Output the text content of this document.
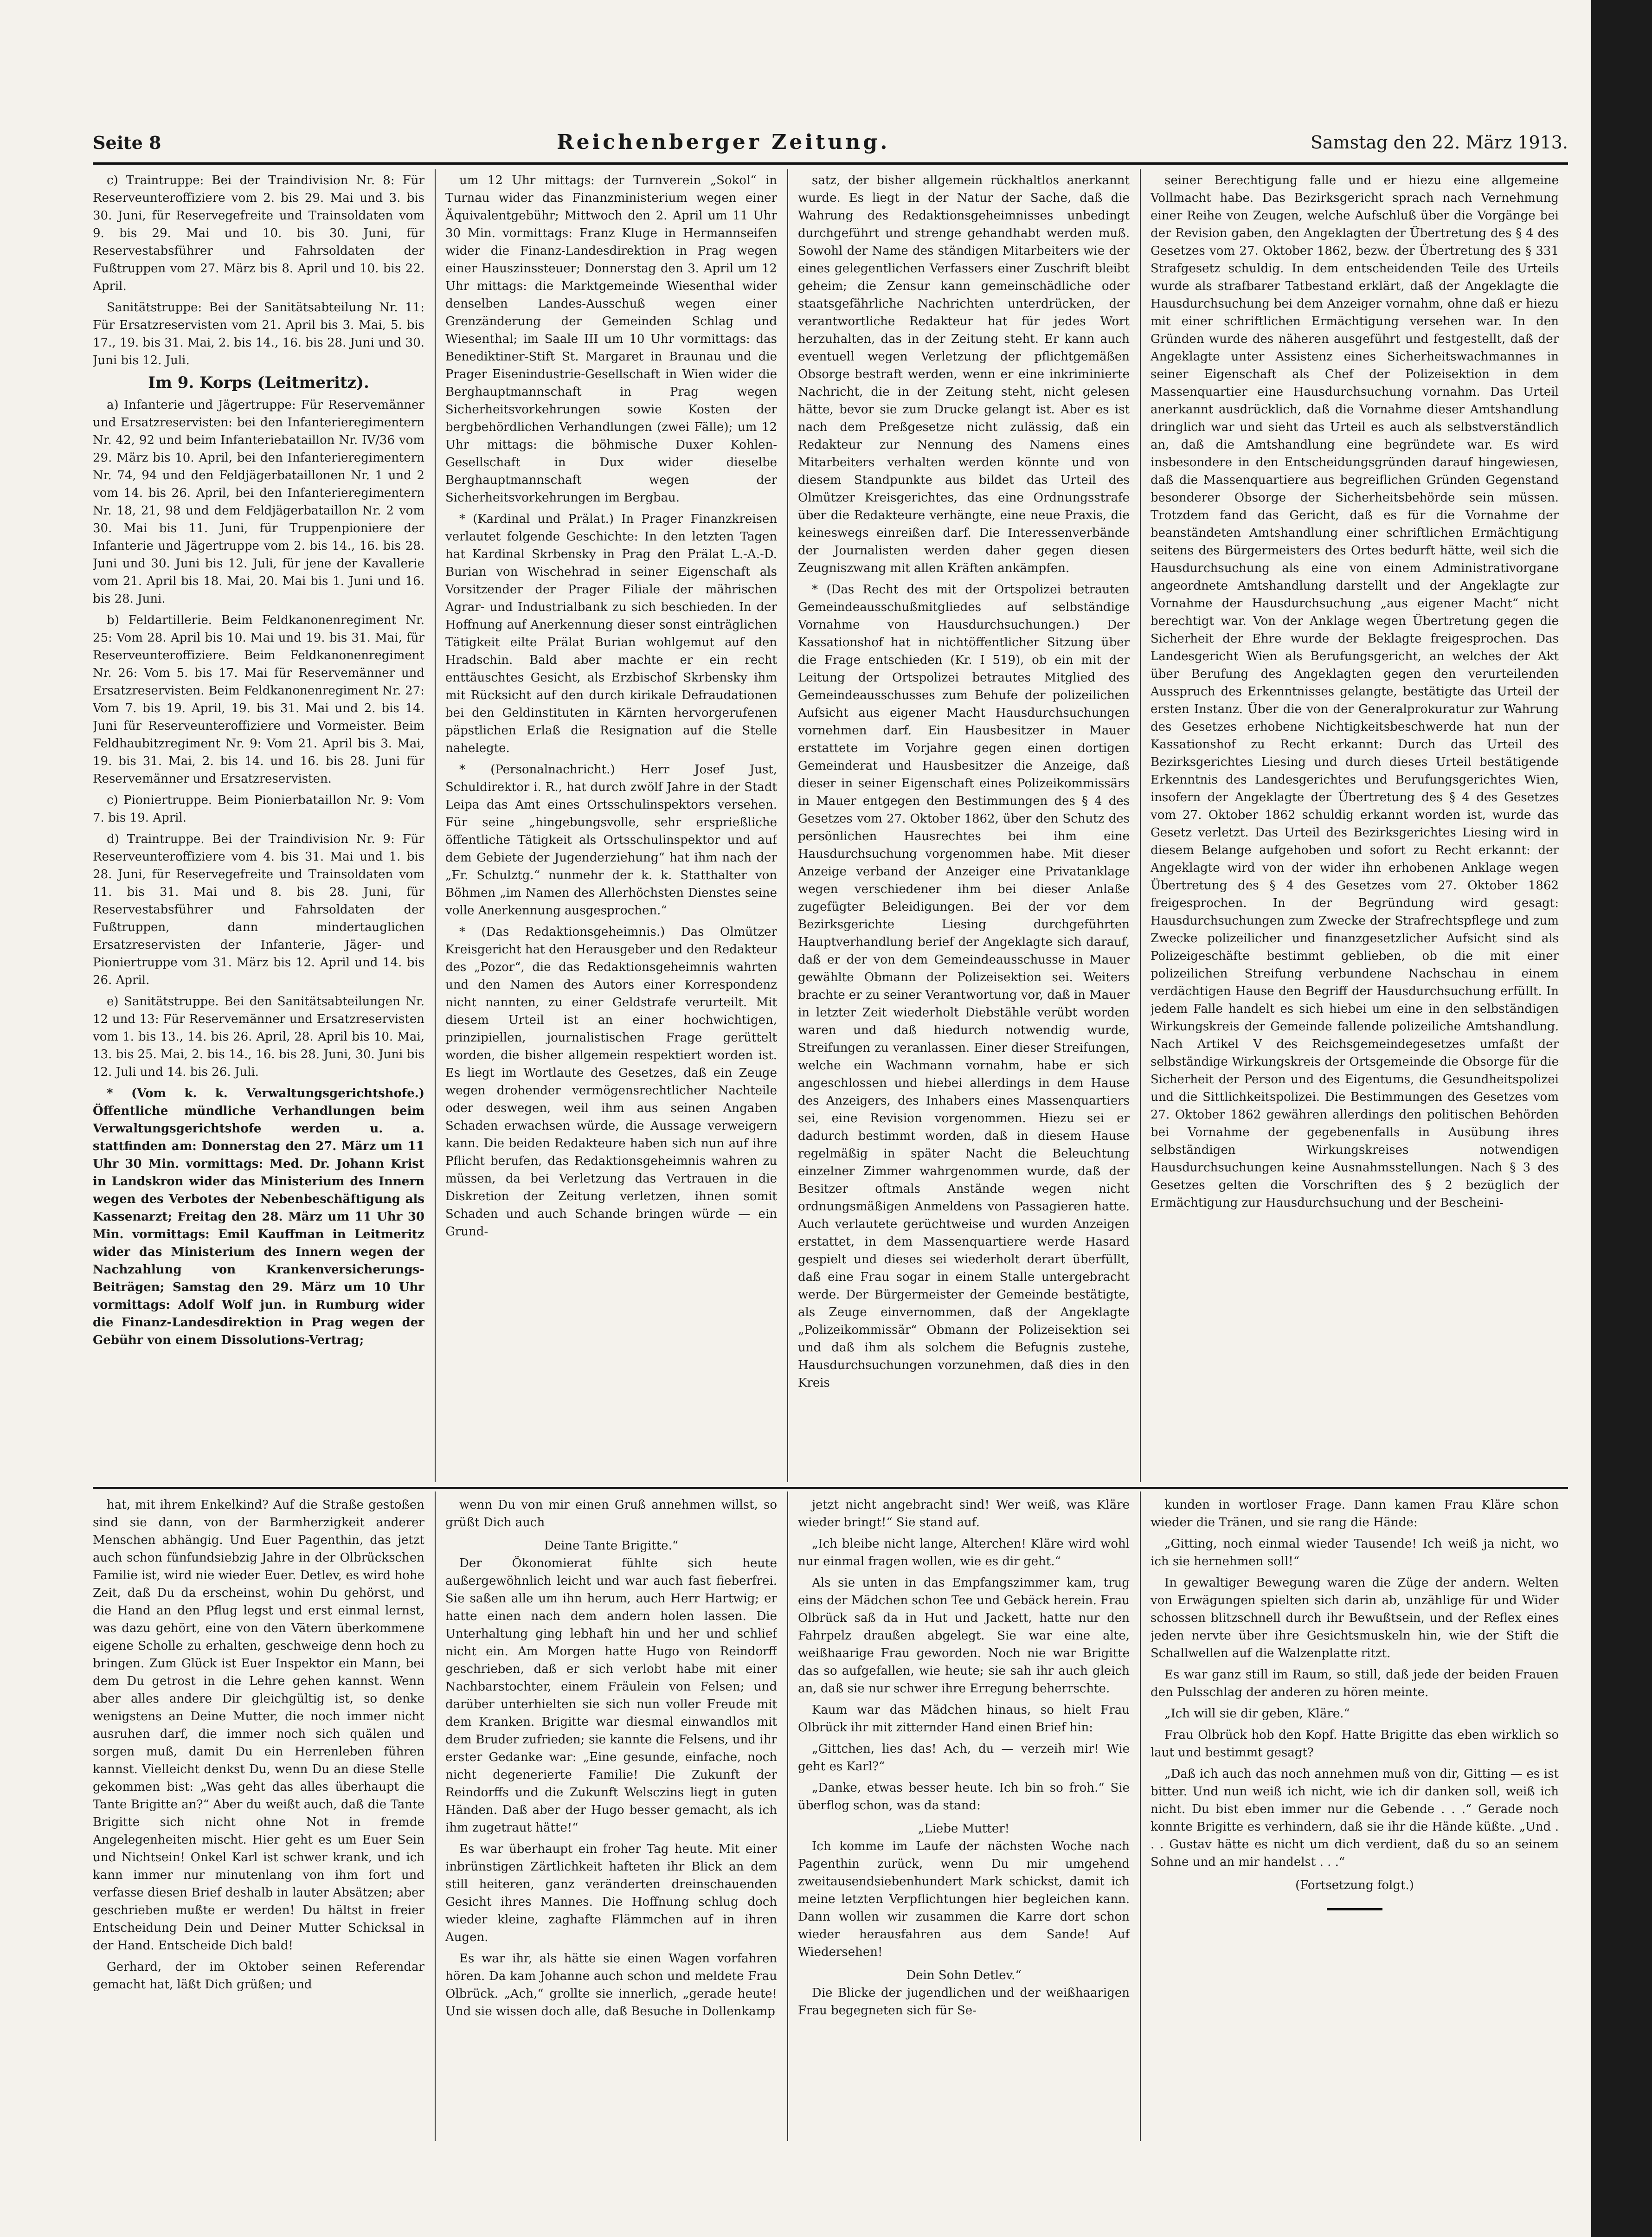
Seite 8	Reichenberger Zeitung.	Samstag den 22. März 1913.

c) Traintruppe: Bei der Traindivision Nr. 8: Für Reserveunteroffiziere vom 2. bis 29. Mai und 3. bis 30. Juni, für Reservegefreite und Trainsoldaten vom 9. bis 29. Mai und 10. bis 30. Juni, für Reservestabsführer und Fahrsoldaten der Fußtruppen vom 27. März bis 8. April und 10. bis 22. April.

Sanitätstruppe: Bei der Sanitätsabteilung Nr. 11: Für Ersatzreservisten vom 21. April bis 3. Mai, 5. bis 17., 19. bis 31. Mai, 2. bis 14., 16. bis 28. Juni und 30. Juni bis 12. Juli.

Im 9. Korps (Leitmeritz).

a) Infanterie und Jägertruppe: Für Reservemänner und Ersatzreservisten: bei den Infanterieregimentern Nr. 42, 92 und beim Infanteriebataillon Nr. IV/36 vom 29. März bis 10. April, bei den Infanterieregimentern Nr. 74, 94 und den Feldjägerbataillonen Nr. 1 und 2 vom 14. bis 26. April, bei den Infanterieregimentern Nr. 18, 21, 98 und dem Feldjägerbataillon Nr. 2 vom 30. Mai bis 11. Juni, für Truppenpioniere der Infanterie und Jägertruppe vom 2. bis 14., 16. bis 28. Juni und 30. Juni bis 12. Juli, für jene der Kavallerie vom 21. April bis 18. Mai, 20. Mai bis 1. Juni und 16. bis 28. Juni.

b) Feldartillerie. Beim Feldkanonenregiment Nr. 25: Vom 28. April bis 10. Mai und 19. bis 31. Mai, für Reserveunteroffiziere. Beim Feldkanonenregiment Nr. 26: Vom 5. bis 17. Mai für Reservemänner und Ersatzreservisten. Beim Feldkanonenregiment Nr. 27: Vom 7. bis 19. April, 19. bis 31. Mai und 2. bis 14. Juni für Reserveunteroffiziere und Vormeister. Beim Feldhaubitzregiment Nr. 9: Vom 21. April bis 3. Mai, 19. bis 31. Mai, 2. bis 14. und 16. bis 28. Juni für Reservemänner und Ersatzreservisten.

c) Pioniertruppe. Beim Pionierbataillon Nr. 9: Vom 7. bis 19. April.

d) Traintruppe. Bei der Traindivision Nr. 9: Für Reserveunteroffiziere vom 4. bis 31. Mai und 1. bis 28. Juni, für Reservegefreite und Trainsoldaten vom 11. bis 31. Mai und 8. bis 28. Juni, für Reservestabsführer und Fahrsoldaten der Fußtruppen, dann mindertauglichen Ersatzreservisten der Infanterie, Jäger- und Pioniertruppe vom 31. März bis 12. April und 14. bis 26. April.

e) Sanitätstruppe. Bei den Sanitätsabteilungen Nr. 12 und 13: Für Reservemänner und Ersatzreservisten vom 1. bis 13., 14. bis 26. April, 28. April bis 10. Mai, 13. bis 25. Mai, 2. bis 14., 16. bis 28. Juni, 30. Juni bis 12. Juli und 14. bis 26. Juli.

* (Vom k. k. Verwaltungsgerichtshofe.) Öffentliche mündliche Verhandlungen beim Verwaltungsgerichtshofe werden u. a. stattfinden am: Donnerstag den 27. März um 11 Uhr 30 Min. vormittags: Med. Dr. Johann Krist in Landskron wider das Ministerium des Innern wegen des Verbotes der Nebenbeschäftigung als Kassenarzt; Freitag den 28. März um 11 Uhr 30 Min. vormittags: Emil Kauffman in Leitmeritz wider das Ministerium des Innern wegen der Nachzahlung von Krankenversicherungs-Beiträgen; Samstag den 29. März um 10 Uhr vormittags: Adolf Wolf jun. in Rumburg wider die Finanz-Landesdirektion in Prag wegen der Gebühr von einem Dissolutions-Vertrag;

um 12 Uhr mittags: der Turnverein „Sokol“ in Turnau wider das Finanzministerium wegen einer Äquivalentgebühr; Mittwoch den 2. April um 11 Uhr 30 Min. vormittags: Franz Kluge in Hermannseifen wider die Finanz-Landesdirektion in Prag wegen einer Hauszinssteuer; Donnerstag den 3. April um 12 Uhr mittags: die Marktgemeinde Wiesenthal wider denselben Landes-Ausschuß wegen einer Grenzänderung der Gemeinden Schlag und Wiesenthal; im Saale III um 10 Uhr vormittags: das Benediktiner-Stift St. Margaret in Braunau und die Prager Eisenindustrie-Gesellschaft in Wien wider die Berghauptmannschaft in Prag wegen Sicherheitsvorkehrungen sowie Kosten der bergbehördlichen Verhandlungen (zwei Fälle); um 12 Uhr mittags: die böhmische Duxer Kohlen-Gesellschaft in Dux wider dieselbe Berghauptmannschaft wegen der Sicherheitsvorkehrungen im Bergbau.

* (Kardinal und Prälat.) In Prager Finanzkreisen verlautet folgende Geschichte: In den letzten Tagen hat Kardinal Skrbensky in Prag den Prälat L.-A.-D. Burian von Wischehrad in seiner Eigenschaft als Vorsitzender der Prager Filiale der mährischen Agrar- und Industrialbank zu sich beschieden. In der Hoffnung auf Anerkennung dieser sonst einträglichen Tätigkeit eilte Prälat Burian wohlgemut auf den Hradschin. Bald aber machte er ein recht enttäuschtes Gesicht, als Erzbischof Skrbensky ihm mit Rücksicht auf den durch kirikale Defraudationen bei den Geldinstituten in Kärnten hervorgerufenen päpstlichen Erlaß die Resignation auf die Stelle nahelegte.

* (Personalnachricht.) Herr Josef Just, Schuldirektor i. R., hat durch zwölf Jahre in der Stadt Leipa das Amt eines Ortsschulinspektors versehen. Für seine „hingebungsvolle, sehr ersprießliche öffentliche Tätigkeit als Ortsschulinspektor und auf dem Gebiete der Jugenderziehung“ hat ihm nach der „Fr. Schulztg.“ nunmehr der k. k. Statthalter von Böhmen „im Namen des Allerhöchsten Dienstes seine volle Anerkennung ausgesprochen.“

* (Das Redaktionsgeheimnis.) Das Olmützer Kreisgericht hat den Herausgeber und den Redakteur des „Pozor“, die das Redaktionsgeheimnis wahrten und den Namen des Autors einer Korrespondenz nicht nannten, zu einer Geldstrafe verurteilt. Mit diesem Urteil ist an einer hochwichtigen, prinzipiellen, journalistischen Frage gerüttelt worden, die bisher allgemein respektiert worden ist. Es liegt im Wortlaute des Gesetzes, daß ein Zeuge wegen drohender vermögensrechtlicher Nachteile oder deswegen, weil ihm aus seinen Angaben Schaden erwachsen würde, die Aussage verweigern kann. Die beiden Redakteure haben sich nun auf ihre Pflicht berufen, das Redaktionsgeheimnis wahren zu müssen, da bei Verletzung das Vertrauen in die Diskretion der Zeitung verletzen, ihnen somit Schaden und auch Schande bringen würde — ein Grund-

satz, der bisher allgemein rückhaltlos anerkannt wurde. Es liegt in der Natur der Sache, daß die Wahrung des Redaktionsgeheimnisses unbedingt durchgeführt und strenge gehandhabt werden muß. Sowohl der Name des ständigen Mitarbeiters wie der eines gelegentlichen Verfassers einer Zuschrift bleibt geheim; die Zensur kann gemeinschädliche oder staatsgefährliche Nachrichten unterdrücken, der verantwortliche Redakteur hat für jedes Wort herzuhalten, das in der Zeitung steht. Er kann auch eventuell wegen Verletzung der pflichtgemäßen Obsorge bestraft werden, wenn er eine inkriminierte Nachricht, die in der Zeitung steht, nicht gelesen hätte, bevor sie zum Drucke gelangt ist. Aber es ist nach dem Preßgesetze nicht zulässig, daß ein Redakteur zur Nennung des Namens eines Mitarbeiters verhalten werden könnte und von diesem Standpunkte aus bildet das Urteil des Olmützer Kreisgerichtes, das eine Ordnungsstrafe über die Redakteure verhängte, eine neue Praxis, die keineswegs einreißen darf. Die Interessenverbände der Journalisten werden daher gegen diesen Zeugniszwang mit allen Kräften ankämpfen.

* (Das Recht des mit der Ortspolizei betrauten Gemeindeausschußmitgliedes auf selbständige Vornahme von Hausdurchsuchungen.) Der Kassationshof hat in nichtöffentlicher Sitzung über die Frage entschieden (Kr. I 519), ob ein mit der Leitung der Ortspolizei betrautes Mitglied des Gemeindeausschusses zum Behufe der polizeilichen Aufsicht aus eigener Macht Hausdurchsuchungen vornehmen darf. Ein Hausbesitzer in Mauer erstattete im Vorjahre gegen einen dortigen Gemeinderat und Hausbesitzer die Anzeige, daß dieser in seiner Eigenschaft eines Polizeikommissärs in Mauer entgegen den Bestimmungen des § 4 des Gesetzes vom 27. Oktober 1862, über den Schutz des persönlichen Hausrechtes bei ihm eine Hausdurchsuchung vorgenommen habe. Mit dieser Anzeige verband der Anzeiger eine Privatanklage wegen verschiedener ihm bei dieser Anlaße zugefügter Beleidigungen. Bei der vor dem Bezirksgerichte Liesing durchgeführten Hauptverhandlung berief der Angeklagte sich darauf, daß er der von dem Gemeindeausschusse in Mauer gewählte Obmann der Polizeisektion sei. Weiters brachte er zu seiner Verantwortung vor, daß in Mauer in letzter Zeit wiederholt Diebstähle verübt worden waren und daß hiedurch notwendig wurde, Streifungen zu veranlassen. Einer dieser Streifungen, welche ein Wachmann vornahm, habe er sich angeschlossen und hiebei allerdings in dem Hause des Anzeigers, des Inhabers eines Massenquartiers sei, eine Revision vorgenommen. Hiezu sei er dadurch bestimmt worden, daß in diesem Hause regelmäßig in später Nacht die Beleuchtung einzelner Zimmer wahrgenommen wurde, daß der Besitzer oftmals Anstände wegen nicht ordnungsmäßigen Anmeldens von Passagieren hatte. Auch verlautete gerüchtweise und wurden Anzeigen erstattet, in dem Massenquartiere werde Hasard gespielt und dieses sei wiederholt derart überfüllt, daß eine Frau sogar in einem Stalle untergebracht werde. Der Bürgermeister der Gemeinde bestätigte, als Zeuge einvernommen, daß der Angeklagte „Polizeikommissär“ Obmann der Polizeisektion sei und daß ihm als solchem die Befugnis zustehe, Hausdurchsuchungen vorzunehmen, daß dies in den Kreis

seiner Berechtigung falle und er hiezu eine allgemeine Vollmacht habe. Das Bezirksgericht sprach nach Vernehmung einer Reihe von Zeugen, welche Aufschluß über die Vorgänge bei der Revision gaben, den Angeklagten der Übertretung des § 4 des Gesetzes vom 27. Oktober 1862, bezw. der Übertretung des § 331 Strafgesetz schuldig. In dem entscheidenden Teile des Urteils wurde als strafbarer Tatbestand erklärt, daß der Angeklagte die Hausdurchsuchung bei dem Anzeiger vornahm, ohne daß er hiezu mit einer schriftlichen Ermächtigung versehen war. In den Gründen wurde des näheren ausgeführt und festgestellt, daß der Angeklagte unter Assistenz eines Sicherheitswachmannes in seiner Eigenschaft als Chef der Polizeisektion in dem Massenquartier eine Hausdurchsuchung vornahm. Das Urteil anerkannt ausdrücklich, daß die Vornahme dieser Amtshandlung dringlich war und sieht das Urteil es auch als selbstverständlich an, daß die Amtshandlung eine begründete war. Es wird insbesondere in den Entscheidungsgründen darauf hingewiesen, daß die Massenquartiere aus begreiflichen Gründen Gegenstand besonderer Obsorge der Sicherheitsbehörde sein müssen. Trotzdem fand das Gericht, daß es für die Vornahme der beanständeten Amtshandlung einer schriftlichen Ermächtigung seitens des Bürgermeisters des Ortes bedurft hätte, weil sich die Hausdurchsuchung als eine von einem Administrativorgane angeordnete Amtshandlung darstellt und der Angeklagte zur Vornahme der Hausdurchsuchung „aus eigener Macht“ nicht berechtigt war. Von der Anklage wegen Übertretung gegen die Sicherheit der Ehre wurde der Beklagte freigesprochen. Das Landesgericht Wien als Berufungsgericht, an welches der Akt über Berufung des Angeklagten gegen den verurteilenden Ausspruch des Erkenntnisses gelangte, bestätigte das Urteil der ersten Instanz. Über die von der Generalprokuratur zur Wahrung des Gesetzes erhobene Nichtigkeitsbeschwerde hat nun der Kassationshof zu Recht erkannt: Durch das Urteil des Bezirksgerichtes Liesing und durch dieses Urteil bestätigende Erkenntnis des Landesgerichtes und Berufungsgerichtes Wien, insofern der Angeklagte der Übertretung des § 4 des Gesetzes vom 27. Oktober 1862 schuldig erkannt worden ist, wurde das Gesetz verletzt. Das Urteil des Bezirksgerichtes Liesing wird in diesem Belange aufgehoben und sofort zu Recht erkannt: der Angeklagte wird von der wider ihn erhobenen Anklage wegen Übertretung des § 4 des Gesetzes vom 27. Oktober 1862 freigesprochen. In der Begründung wird gesagt: Hausdurchsuchungen zum Zwecke der Strafrechtspflege und zum Zwecke polizeilicher und finanzgesetzlicher Aufsicht sind als Polizeigeschäfte bestimmt geblieben, ob die mit einer polizeilichen Streifung verbundene Nachschau in einem verdächtigen Hause den Begriff der Hausdurchsuchung erfüllt. In jedem Falle handelt es sich hiebei um eine in den selbständigen Wirkungskreis der Gemeinde fallende polizeiliche Amtshandlung. Nach Artikel V des Reichsgemeindegesetzes umfaßt der selbständige Wirkungskreis der Ortsgemeinde die Obsorge für die Sicherheit der Person und des Eigentums, die Gesundheitspolizei und die Sittlichkeitspolizei. Die Bestimmungen des Gesetzes vom 27. Oktober 1862 gewähren allerdings den politischen Behörden bei Vornahme der gegebenenfalls in Ausübung ihres selbständigen Wirkungskreises notwendigen Hausdurchsuchungen keine Ausnahmsstellungen. Nach § 3 des Gesetzes gelten die Vorschriften des § 2 bezüglich der Ermächtigung zur Hausdurchsuchung und der Bescheini-

hat, mit ihrem Enkelkind? Auf die Straße gestoßen sind sie dann, von der Barmherzigkeit anderer Menschen abhängig. Und Euer Pagenthin, das jetzt auch schon fünfundsiebzig Jahre in der Olbrückschen Familie ist, wird nie wieder Euer. Detlev, es wird hohe Zeit, daß Du da erscheinst, wohin Du gehörst, und die Hand an den Pflug legst und erst einmal lernst, was dazu gehört, eine von den Vätern überkommene eigene Scholle zu erhalten, geschweige denn hoch zu bringen. Zum Glück ist Euer Inspektor ein Mann, bei dem Du getrost in die Lehre gehen kannst. Wenn aber alles andere Dir gleichgültig ist, so denke wenigstens an Deine Mutter, die noch immer nicht ausruhen darf, die immer noch sich quälen und sorgen muß, damit Du ein Herrenleben führen kannst. Vielleicht denkst Du, wenn Du an diese Stelle gekommen bist: „Was geht das alles überhaupt die Tante Brigitte an?“ Aber du weißt auch, daß die Tante Brigitte sich nicht ohne Not in fremde Angelegenheiten mischt. Hier geht es um Euer Sein und Nichtsein! Onkel Karl ist schwer krank, und ich kann immer nur minutenlang von ihm fort und verfasse diesen Brief deshalb in lauter Absätzen; aber geschrieben mußte er werden! Du hältst in freier Entscheidung Dein und Deiner Mutter Schicksal in der Hand. Entscheide Dich bald!

Gerhard, der im Oktober seinen Referendar gemacht hat, läßt Dich grüßen; und

wenn Du von mir einen Gruß annehmen willst, so grüßt Dich auch

Deine Tante Brigitte.“

Der Ökonomierat fühlte sich heute außergewöhnlich leicht und war auch fast fieberfrei. Sie saßen alle um ihn herum, auch Herr Hartwig; er hatte einen nach dem andern holen lassen. Die Unterhaltung ging lebhaft hin und her und schlief nicht ein. Am Morgen hatte Hugo von Reindorff geschrieben, daß er sich verlobt habe mit einer Nachbarstochter, einem Fräulein von Felsen; und darüber unterhielten sie sich nun voller Freude mit dem Kranken. Brigitte war diesmal einwandlos mit dem Bruder zufrieden; sie kannte die Felsens, und ihr erster Gedanke war: „Eine gesunde, einfache, noch nicht degenerierte Familie! Die Zukunft der Reindorffs und die Zukunft Welsczins liegt in guten Händen. Daß aber der Hugo besser gemacht, als ich ihm zugetraut hätte!“

Es war überhaupt ein froher Tag heute. Mit einer inbrünstigen Zärtlichkeit hafteten ihr Blick an dem still heiteren, ganz veränderten dreinschauenden Gesicht ihres Mannes. Die Hoffnung schlug doch wieder kleine, zaghafte Flämmchen auf in ihren Augen.

Es war ihr, als hätte sie einen Wagen vorfahren hören. Da kam Johanne auch schon und meldete Frau Olbrück. „Ach,“ grollte sie innerlich, „gerade heute! Und sie wissen doch alle, daß Besuche in Dollenkamp

jetzt nicht angebracht sind! Wer weiß, was Kläre wieder bringt!“ Sie stand auf.

„Ich bleibe nicht lange, Alterchen! Kläre wird wohl nur einmal fragen wollen, wie es dir geht.“

Als sie unten in das Empfangszimmer kam, trug eins der Mädchen schon Tee und Gebäck herein. Frau Olbrück saß da in Hut und Jackett, hatte nur den Fahrpelz draußen abgelegt. Sie war eine alte, weißhaarige Frau geworden. Noch nie war Brigitte das so aufgefallen, wie heute; sie sah ihr auch gleich an, daß sie nur schwer ihre Erregung beherrschte.

Kaum war das Mädchen hinaus, so hielt Frau Olbrück ihr mit zitternder Hand einen Brief hin:

„Gittchen, lies das! Ach, du — verzeih mir! Wie geht es Karl?“

„Danke, etwas besser heute. Ich bin so froh.“ Sie überflog schon, was da stand:

„Liebe Mutter!

Ich komme im Laufe der nächsten Woche nach Pagenthin zurück, wenn Du mir umgehend zweitausendsiebenhundert Mark schickst, damit ich meine letzten Verpflichtungen hier begleichen kann. Dann wollen wir zusammen die Karre dort schon wieder herausfahren aus dem Sande! Auf Wiedersehen!

Dein Sohn Detlev.“

Die Blicke der jugendlichen und der weißhaarigen Frau begegneten sich für Se-

kunden in wortloser Frage. Dann kamen Frau Kläre schon wieder die Tränen, und sie rang die Hände:

„Gitting, noch einmal wieder Tausende! Ich weiß ja nicht, wo ich sie hernehmen soll!“

In gewaltiger Bewegung waren die Züge der andern. Welten von Erwägungen spielten sich darin ab, unzählige für und Wider schossen blitzschnell durch ihr Bewußtsein, und der Reflex eines jeden nervte über ihre Gesichtsmuskeln hin, wie der Stift die Schallwellen auf die Walzenplatte ritzt.

Es war ganz still im Raum, so still, daß jede der beiden Frauen den Pulsschlag der anderen zu hören meinte.

„Ich will sie dir geben, Kläre.“

Frau Olbrück hob den Kopf. Hatte Brigitte das eben wirklich so laut und bestimmt gesagt?

„Daß ich auch das noch annehmen muß von dir, Gitting — es ist bitter. Und nun weiß ich nicht, wie ich dir danken soll, weiß ich nicht. Du bist eben immer nur die Gebende . . .“ Gerade noch konnte Brigitte es verhindern, daß sie ihr die Hände küßte. „Und . . . Gustav hätte es nicht um dich verdient, daß du so an seinem Sohne und an mir handelst . . .“

(Fortsetzung folgt.)
